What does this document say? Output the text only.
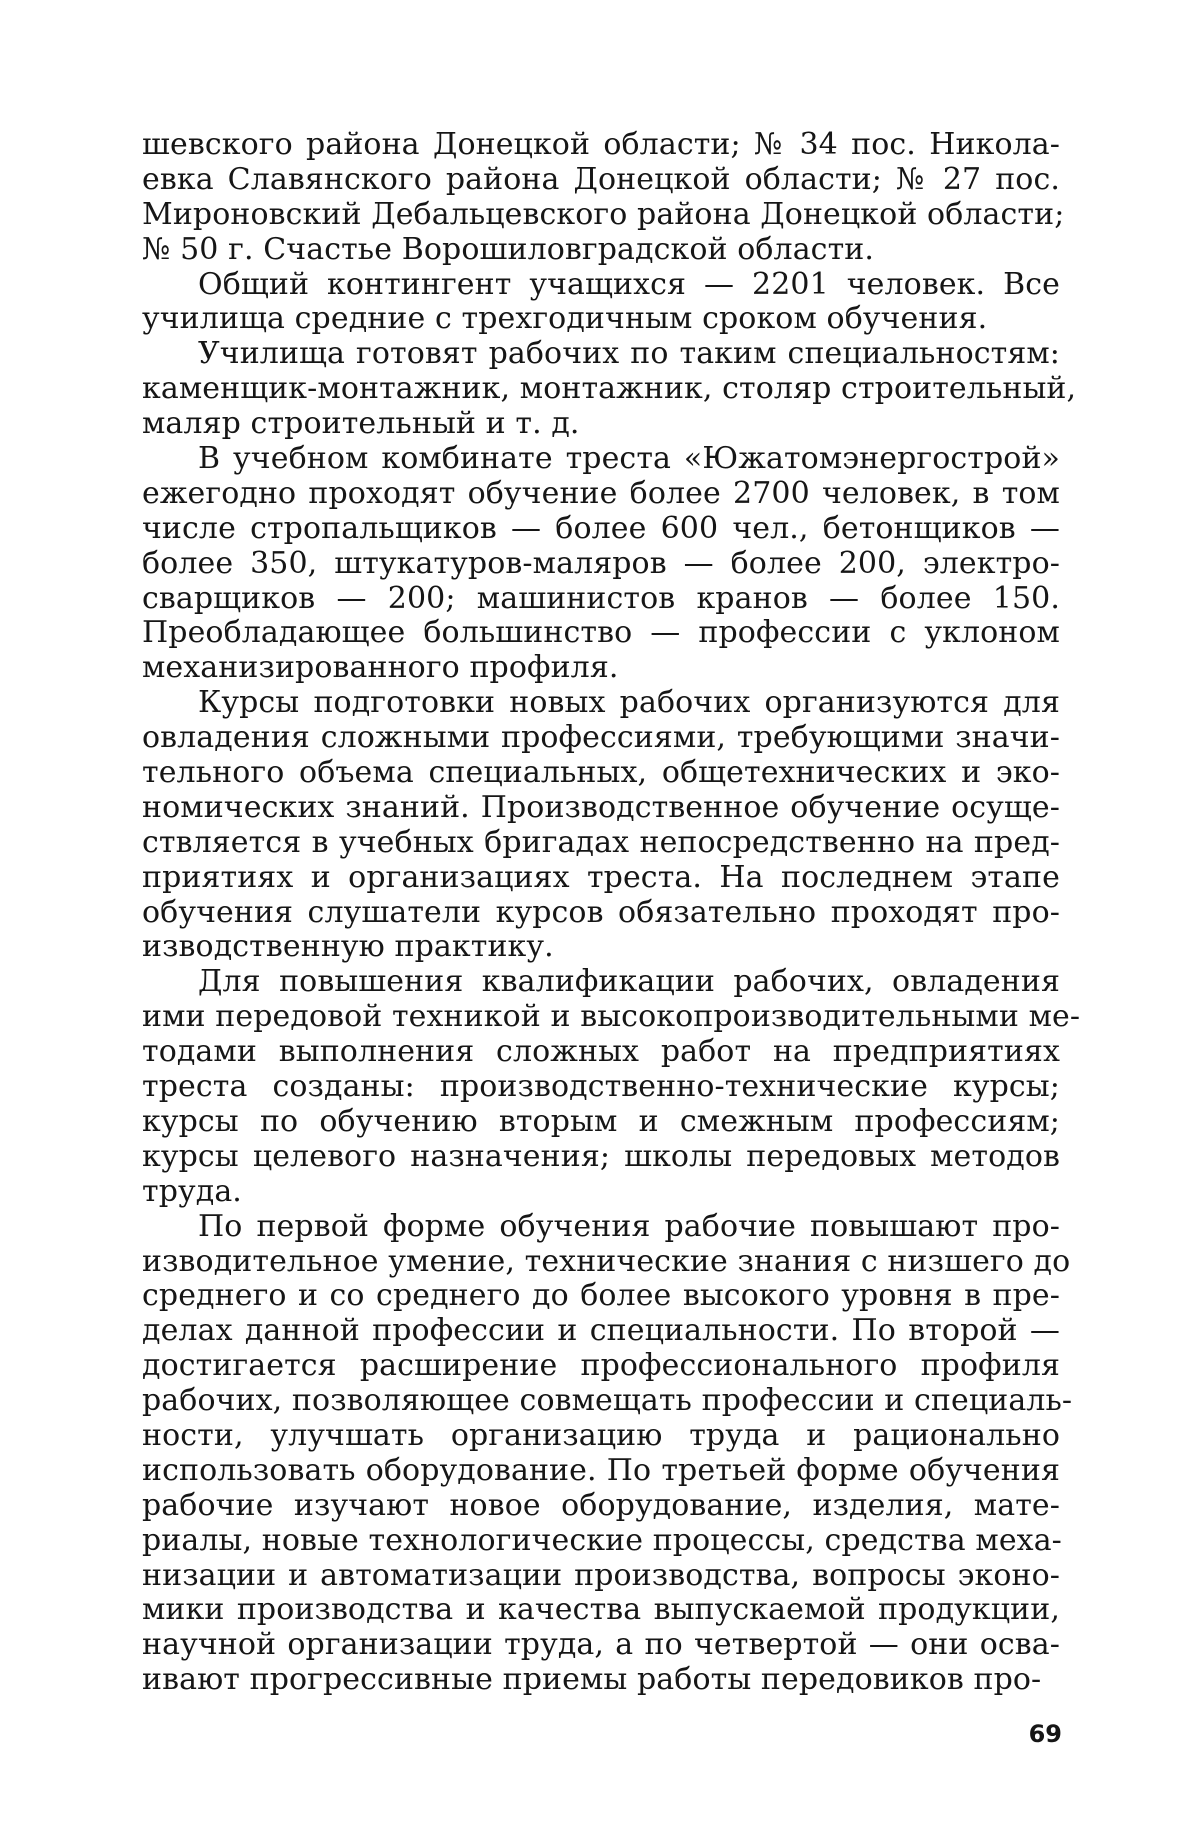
шевского района Донецкой области; № 34 пос. Никола-
евка Славянского района Донецкой области; № 27 пос.
Мироновский Дебальцевского района Донецкой области;
№ 50 г. Счастье Ворошиловградской области.
Общий контингент учащихся — 2201 человек. Все
училища средние с трехгодичным сроком обучения.
Училища готовят рабочих по таким специальностям:
каменщик-монтажник, монтажник, столяр строительный,
маляр строительный и т. д.
В учебном комбинате треста «Южатомэнергострой»
ежегодно проходят обучение более 2700 человек, в том
числе стропальщиков — более 600 чел., бетонщиков —
более 350, штукатуров-маляров — более 200, электро-
сварщиков — 200; машинистов кранов — более 150.
Преобладающее большинство — профессии с уклоном
механизированного профиля.
Курсы подготовки новых рабочих организуются для
овладения сложными профессиями, требующими значи-
тельного объема специальных, общетехнических и эко-
номических знаний. Производственное обучение осуще-
ствляется в учебных бригадах непосредственно на пред-
приятиях и организациях треста. На последнем этапе
обучения слушатели курсов обязательно проходят про-
изводственную практику.
Для повышения квалификации рабочих, овладения
ими передовой техникой и высокопроизводительными ме-
тодами выполнения сложных работ на предприятиях
треста созданы: производственно-технические курсы;
курсы по обучению вторым и смежным профессиям;
курсы целевого назначения; школы передовых методов
труда.
По первой форме обучения рабочие повышают про-
изводительное умение, технические знания с низшего до
среднего и со среднего до более высокого уровня в пре-
делах данной профессии и специальности. По второй —
достигается расширение профессионального профиля
рабочих, позволяющее совмещать профессии и специаль-
ности, улучшать организацию труда и рационально
использовать оборудование. По третьей форме обучения
рабочие изучают новое оборудование, изделия, мате-
риалы, новые технологические процессы, средства меха-
низации и автоматизации производства, вопросы эконо-
мики производства и качества выпускаемой продукции,
научной организации труда, а по четвертой — они осва-
ивают прогрессивные приемы работы передовиков про-
69
